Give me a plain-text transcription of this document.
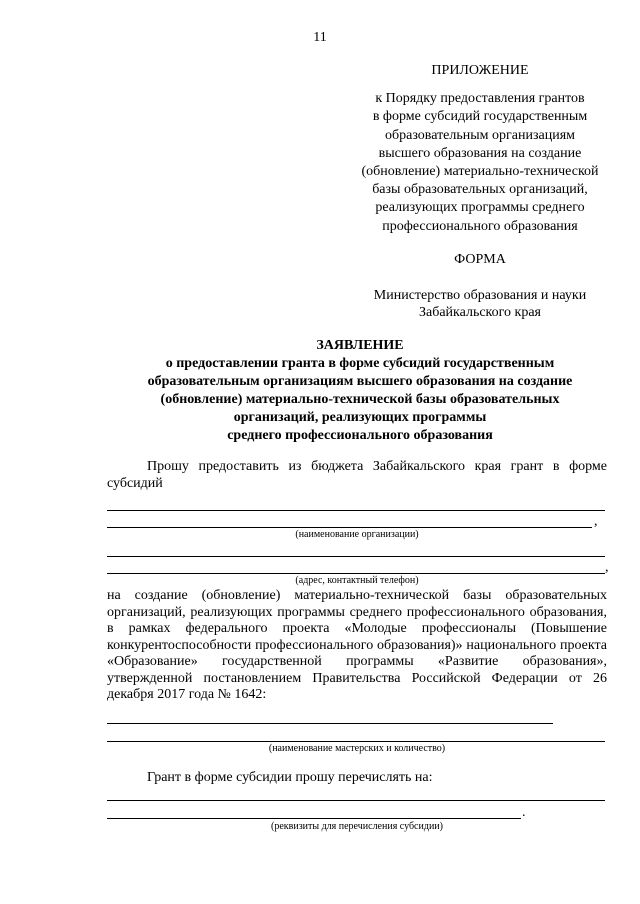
11
ПРИЛОЖЕНИЕ
к Порядку предоставления грантов
в форме субсидий государственным
образовательным организациям
высшего образования на создание
(обновление) материально-технической
базы образовательных организаций,
реализующих программы среднего
профессионального образования
ФОРМА
Министерство образования и науки
Забайкальского края
ЗАЯВЛЕНИЕ
о предоставлении гранта в форме субсидий государственным
образовательным организациям высшего образования на создание
(обновление) материально-технической базы образовательных
организаций, реализующих программы
среднего профессионального образования
Прошу предоставить из бюджета Забайкальского края грант в форме субсидий
,
(наименование организации)
,
(адрес, контактный телефон)
на создание (обновление) материально-технической базы образовательных организаций, реализующих программы среднего профессионального образования, в рамках федерального проекта «Молодые профессионалы (Повышение конкурентоспособности профессионального образования)» национального проекта «Образование» государственной программы «Развитие образования», утвержденной постановлением Правительства Российской Федерации от 26 декабря 2017 года № 1642:
(наименование мастерских и количество)
Грант в форме субсидии прошу перечислять на:
.
(реквизиты для перечисления субсидии)
